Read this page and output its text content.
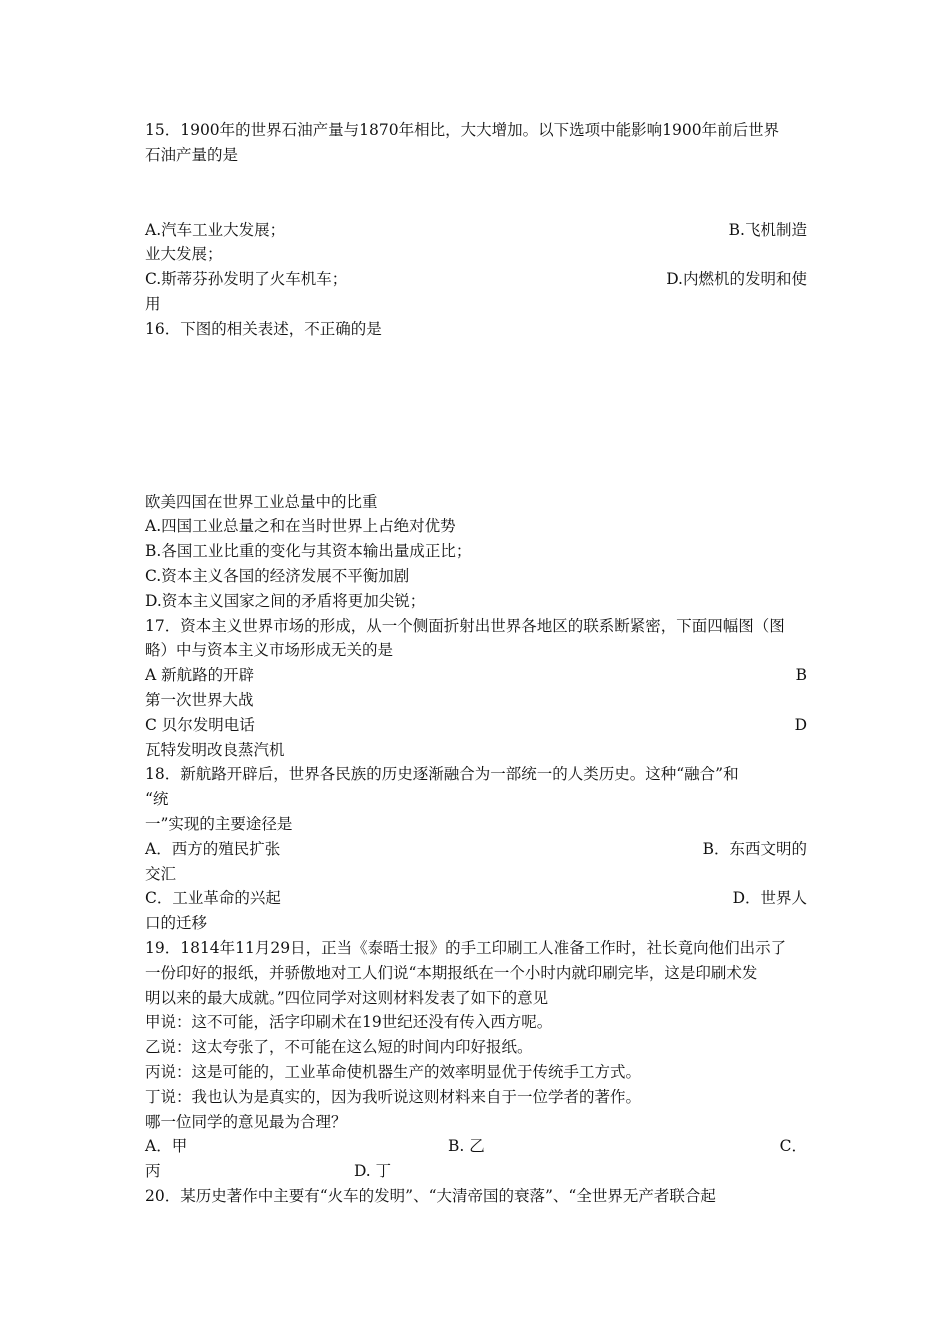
15．1900年的世界石油产量与1870年相比，大大增加。以下选项中能影响1900年前后世界
石油产量的是
A.汽车工业大发展；	B.飞机制造
业大发展；
C.斯蒂芬孙发明了火车机车；	D.内燃机的发明和使
用
16．下图的相关表述，不正确的是
欧美四国在世界工业总量中的比重
A.四国工业总量之和在当时世界上占绝对优势
B.各国工业比重的变化与其资本输出量成正比；
C.资本主义各国的经济发展不平衡加剧
D.资本主义国家之间的矛盾将更加尖锐；
17．资本主义世界市场的形成，从一个侧面折射出世界各地区的联系断紧密，下面四幅图（图
略）中与资本主义市场形成无关的是
A 新航路的开辟	B
第一次世界大战
C 贝尔发明电话	D
瓦特发明改良蒸汽机
18．新航路开辟后，世界各民族的历史逐渐融合为一部统一的人类历史。这种“融合”和
“统
一”实现的主要途径是
A．西方的殖民扩张	B．东西文明的
交汇
C．工业革命的兴起	D．世界人
口的迁移
19．1814年11月29日，正当《泰晤士报》的手工印刷工人准备工作时，社长竟向他们出示了
一份印好的报纸，并骄傲地对工人们说“本期报纸在一个小时内就印刷完毕，这是印刷术发
明以来的最大成就。”四位同学对这则材料发表了如下的意见
甲说：这不可能，活字印刷术在19世纪还没有传入西方呢。
乙说：这太夸张了，不可能在这么短的时间内印好报纸。
丙说：这是可能的，工业革命使机器生产的效率明显优于传统手工方式。
丁说：我也认为是真实的，因为我听说这则材料来自于一位学者的著作。
哪一位同学的意见最为合理？
A．甲	B. 乙	C．
丙	D. 丁
20．某历史著作中主要有“火车的发明”、“大清帝国的衰落”、“全世界无产者联合起
